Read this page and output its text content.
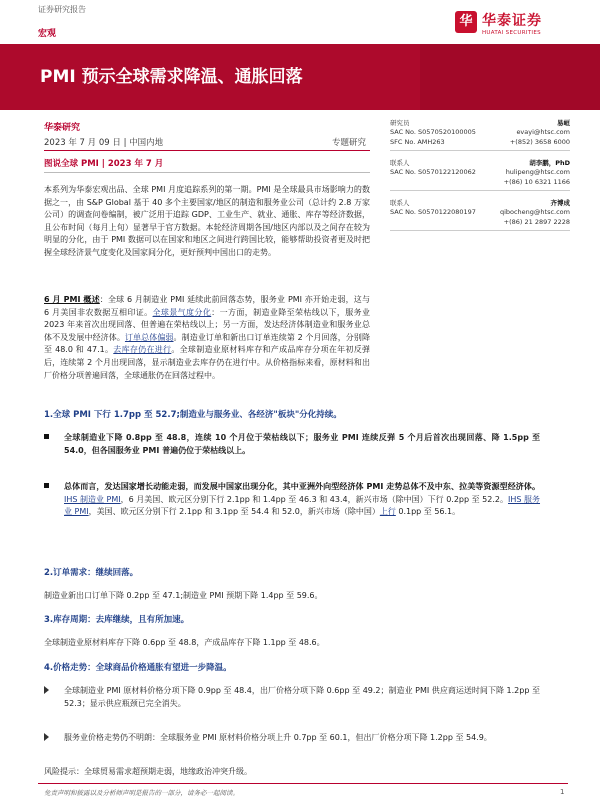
证券研究报告
宏观
华 华泰证券
HUATAI SECURITIES
PMI 预示全球需求降温、通胀回落
华泰研究
2023 年 7 月 09 日 | 中国内地	专题研究
图说全球 PMI | 2023 年 7 月
本系列为华泰宏观出品、全球 PMI 月度追踪系列的第一期。PMI 是全球最具市场影响力的数据之一，由 S&P Global 基于 40 多个主要国家/地区的制造和服务业公司（总计约 2.8 万家公司）的调查问卷编制，被广泛用于追踪 GDP、工业生产、就业、通胀、库存等经济数据，且公布时间（每月上旬）显著早于官方数据。本轮经济周期各国/地区内部以及之间存在较为明显的分化，由于 PMI 数据可以在国家和地区之间进行跨国比较，能够帮助投资者更及时把握全球经济景气度变化及国家间分化，更好预判中国出口的走势。
6 月 PMI 概述：全球 6 月制造业 PMI 延续此前回落态势，服务业 PMI 亦开始走弱，这与 6 月美国非农数据互相印证。全球景气度分化：一方面，制造业降至荣枯线以下，服务业 2023 年来首次出现回落、但普遍在荣枯线以上；另一方面，发达经济体制造业和服务业总体不及发展中经济体。订单总体偏弱。制造业订单和新出口订单连续第 2 个月回落，分别降至 48.0 和 47.1。去库存仍在进行。全球制造业原材料库存和产成品库存分项在年初反弹后，连续第 2 个月出现回落，显示制造业去库存仍在进行中。从价格指标来看，原材料和出厂价格分项普遍回落，全球通胀仍在回落过程中。
1.全球 PMI 下行 1.7pp 至 52.7;制造业与服务业、各经济"板块"分化持续。
全球制造业下降 0.8pp 至 48.8，连续 10 个月位于荣枯线以下；服务业 PMI 连续反弹 5 个月后首次出现回落、降 1.5pp 至 54.0，但各国服务业 PMI 普遍仍位于荣枯线以上。
总体而言，发达国家增长动能走弱，而发展中国家出现分化，其中亚洲外向型经济体 PMI 走势总体不及中东、拉美等资源型经济体。IHS 制造业 PMI，6 月美国、欧元区分别下行 2.1pp 和 1.4pp 至 46.3 和 43.4，新兴市场（除中国）下行 0.2pp 至 52.2。IHS 服务业 PMI，美国、欧元区分别下行 2.1pp 和 3.1pp 至 54.4 和 52.0，新兴市场（除中国）上行 0.1pp 至 56.1。
2.订单需求：继续回落。
制造业新出口订单下降 0.2pp 至 47.1;制造业 PMI 预期下降 1.4pp 至 59.6。
3.库存周期：去库继续，且有所加速。
全球制造业原材料库存下降 0.6pp 至 48.8，产成品库存下降 1.1pp 至 48.6。
4.价格走势：全球商品价格通胀有望进一步降温。
全球制造业 PMI 原材料价格分项下降 0.9pp 至 48.4，出厂价格分项下降 0.6pp 至 49.2；制造业 PMI 供应商运送时间下降 1.2pp 至 52.3；显示供应瓶颈已完全消失。
服务业价格走势仍不明朗：全球服务业 PMI 原材料价格分项上升 0.7pp 至 60.1，但出厂价格分项下降 1.2pp 至 54.9。
风险提示：全球贸易需求超预期走弱，地缘政治冲突升级。
研究员	易峘
SAC No. S0570520100005	evayi@htsc.com
SFC No. AMH263	+(852) 3658 6000
联系人	胡李鹏，PhD
SAC No. S0570122120062	hulipeng@htsc.com
+(86) 10 6321 1166
联系人	齐博成
SAC No. S0570122080197	qibocheng@htsc.com
+(86) 21 2897 2228
免责声明和披露以及分析师声明是报告的一部分，请务必一起阅读。	1
